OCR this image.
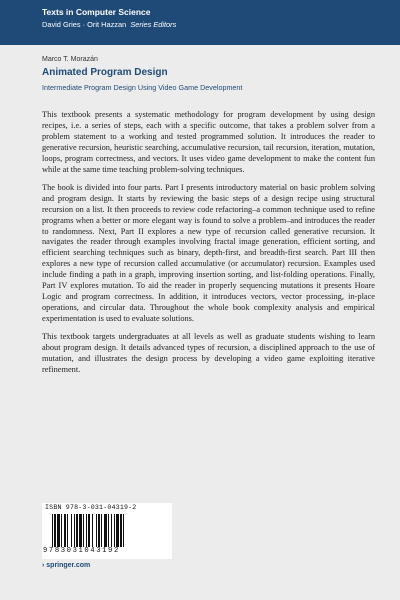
Texts in Computer Science
David Gries · Orit Hazzan Series Editors
Marco T. Morazán
Animated Program Design
Intermediate Program Design Using Video Game Development

This textbook presents a systematic methodology for program development by using design recipes, i.e. a series of steps, each with a specific outcome, that takes a problem solver from a problem statement to a working and tested programmed solution. It introduces the reader to generative recursion, heuristic searching, accumulative recursion, tail recursion, iteration, mutation, loops, program correctness, and vectors. It uses video game development to make the content fun while at the same time teaching problem-solving techniques.

The book is divided into four parts. Part I presents introductory material on basic problem solving and program design. It starts by reviewing the basic steps of a design recipe using structural recursion on a list. It then proceeds to review code refactoring–a common technique used to refine programs when a better or more elegant way is found to solve a problem–and introduces the reader to randomness. Next, Part II explores a new type of recursion called generative recursion. It navigates the reader through examples involving fractal image generation, efficient sorting, and efficient searching techniques such as binary, depth-first, and breadth-first search. Part III then explores a new type of recursion called accumulative (or accumulator) recursion. Examples used include finding a path in a graph, improving insertion sorting, and list-folding operations. Finally, Part IV explores mutation. To aid the reader in properly sequencing mutations it presents Hoare Logic and program correctness. In addition, it introduces vectors, vector processing, in-place operations, and circular data. Throughout the whole book complexity analysis and empirical experimentation is used to evaluate solutions.

This textbook targets undergraduates at all levels as well as graduate students wishing to learn about program design. It details advanced types of recursion, a disciplined approach to the use of mutation, and illustrates the design process by developing a video game exploiting iterative refinement.

ISBN 978-3-031-04319-2
9783031043192
› springer.com
